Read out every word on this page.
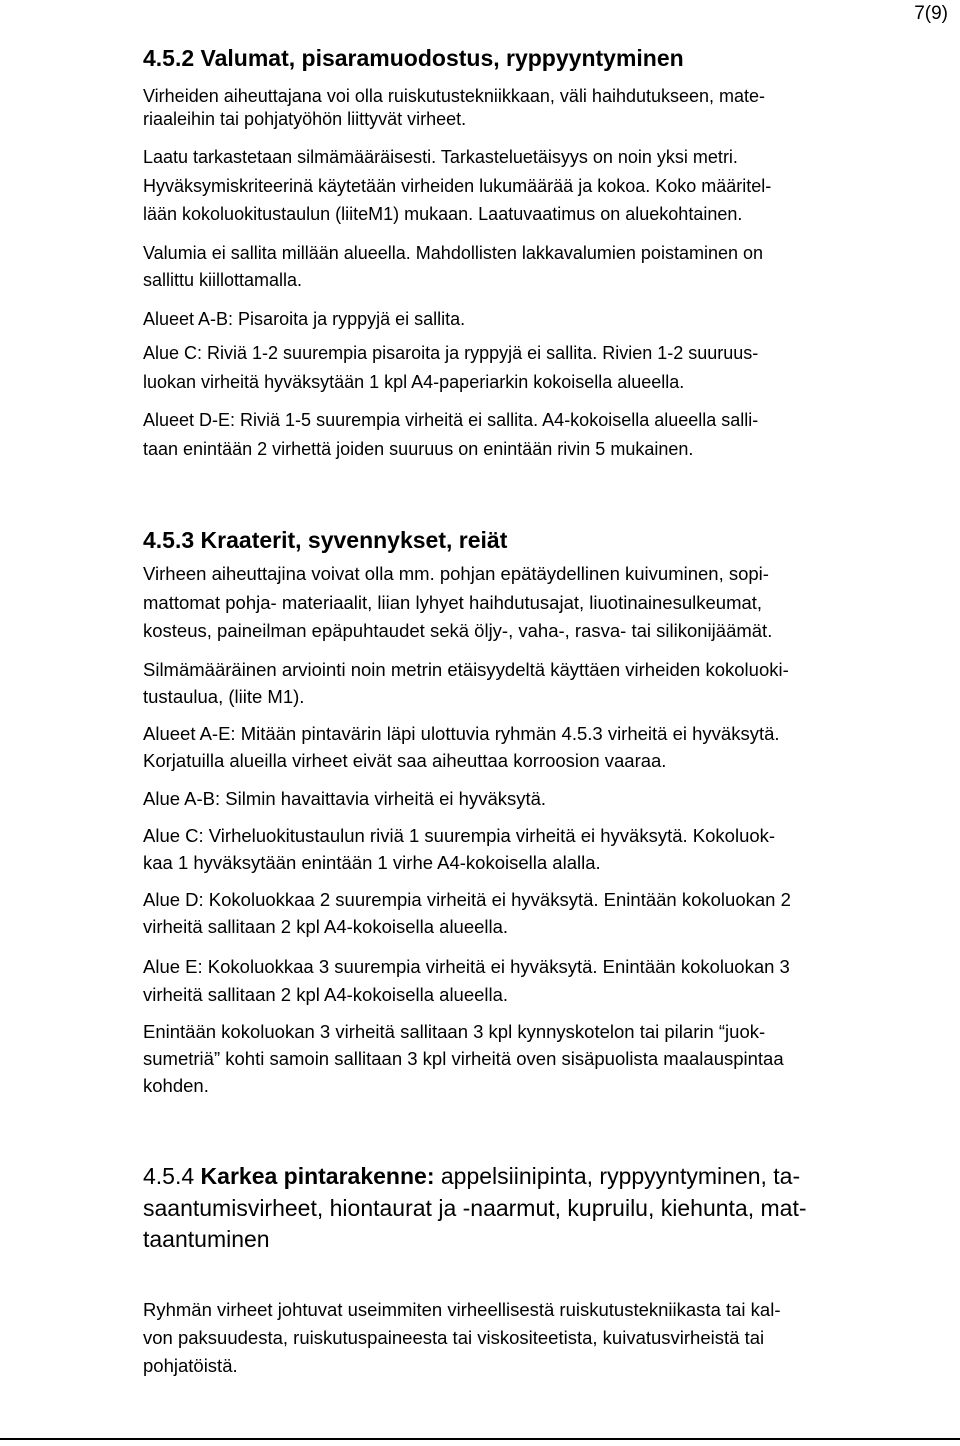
7(9)
4.5.2 Valumat, pisaramuodostus, ryppyyntyminen
Virheiden aiheuttajana voi olla ruiskutustekniikkaan, väli haihdutukseen, mate-
riaaleihin tai pohjatyöhön liittyvät virheet.
Laatu tarkastetaan silmämääräisesti. Tarkasteluetäisyys on noin yksi metri.
Hyväksymiskriteerinä käytetään virheiden lukumäärää ja kokoa. Koko määritel-
lään kokoluokitustaulun (liiteM1) mukaan. Laatuvaatimus on aluekohtainen.
Valumia ei sallita millään alueella. Mahdollisten lakkavalumien poistaminen on
sallittu kiillottamalla.
Alueet A-B: Pisaroita ja ryppyjä ei sallita.
Alue C: Riviä 1-2 suurempia pisaroita ja ryppyjä ei sallita. Rivien 1-2 suuruus-
luokan virheitä hyväksytään 1 kpl A4-paperiarkin kokoisella alueella.
Alueet D-E: Riviä 1-5 suurempia virheitä ei sallita. A4-kokoisella alueella salli-
taan enintään 2 virhettä joiden suuruus on enintään rivin 5 mukainen.
4.5.3 Kraaterit, syvennykset, reiät
Virheen aiheuttajina voivat olla mm. pohjan epätäydellinen kuivuminen, sopi-
mattomat pohja- materiaalit, liian lyhyet haihdutusajat, liuotinainesulkeumat,
kosteus, paineilman epäpuhtaudet sekä öljy-, vaha-, rasva- tai silikonijäämät.
Silmämääräinen arviointi noin metrin etäisyydeltä käyttäen virheiden kokoluoki-
tustaulua, (liite M1).
Alueet A-E: Mitään pintavärin läpi ulottuvia ryhmän 4.5.3 virheitä ei hyväksytä.
Korjatuilla alueilla virheet eivät saa aiheuttaa korroosion vaaraa.
Alue A-B: Silmin havaittavia virheitä ei hyväksytä.
Alue C: Virheluokitustaulun riviä 1 suurempia virheitä ei hyväksytä. Kokoluok-
kaa 1 hyväksytään enintään 1 virhe A4-kokoisella alalla.
Alue D: Kokoluokkaa 2 suurempia virheitä ei hyväksytä. Enintään kokoluokan 2
virheitä sallitaan 2 kpl A4-kokoisella alueella.
Alue E: Kokoluokkaa 3 suurempia virheitä ei hyväksytä. Enintään kokoluokan 3
virheitä sallitaan 2 kpl A4-kokoisella alueella.
Enintään kokoluokan 3 virheitä sallitaan 3 kpl kynnyskotelon tai pilarin “juok-
sumetriä” kohti samoin sallitaan 3 kpl virheitä oven sisäpuolista maalauspintaa
kohden.
4.5.4 Karkea pintarakenne: appelsiinipinta, ryppyyntyminen, ta-
saantumisvirheet, hiontaurat ja -naarmut, kupruilu, kiehunta, mat-
taantuminen
Ryhmän virheet johtuvat useimmiten virheellisestä ruiskutustekniikasta tai kal-
von paksuudesta, ruiskutuspaineesta tai viskositeetista, kuivatusvirheistä tai
pohjatöistä.
